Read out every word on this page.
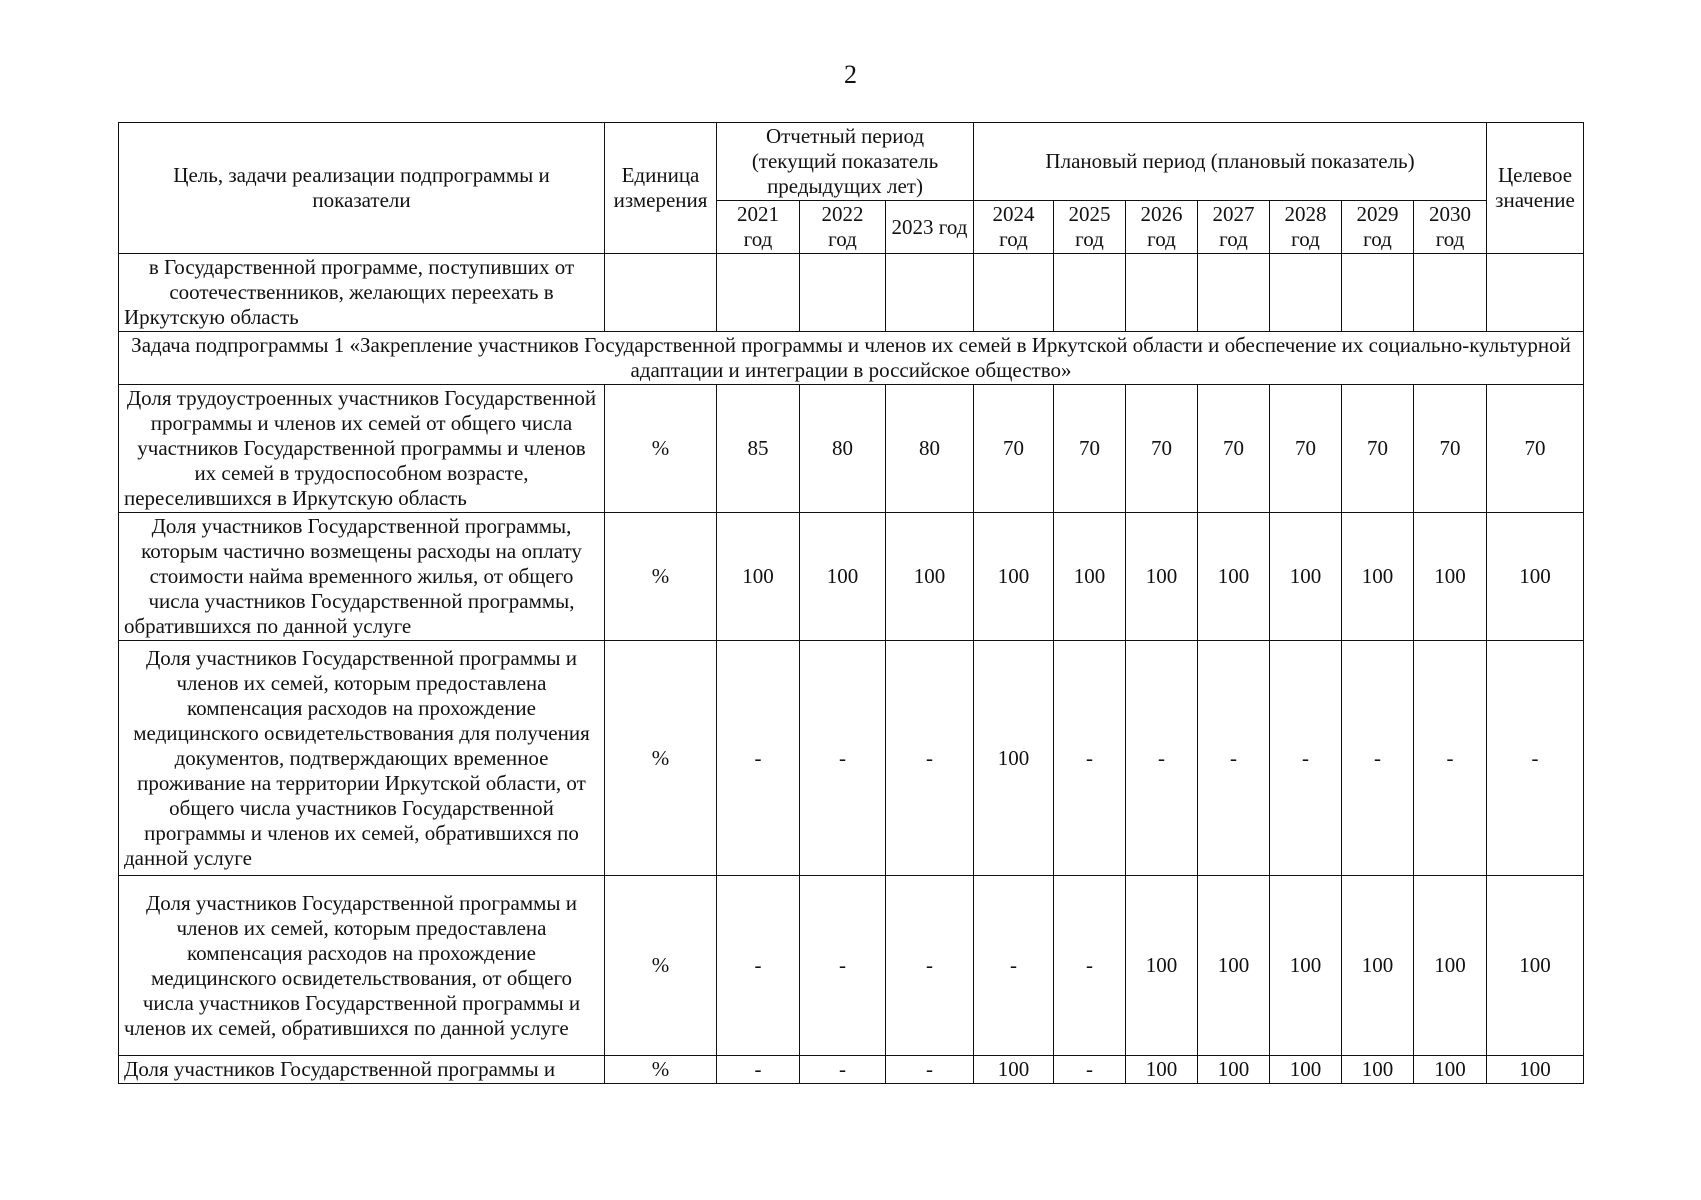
2
Цель, задачи реализации подпрограммы и показатели	Единица измерения	Отчетный период (текущий показатель предыдущих лет)			Плановый период (плановый показатель)							Целевое значение
		2021 год	2022 год	2023 год	2024 год	2025 год	2026 год	2027 год	2028 год	2029 год	2030 год	
в Государственной программе, поступивших от соотечественников, желающих переехать в Иркутскую область												
Задача подпрограммы 1 «Закрепление участников Государственной программы и членов их семей в Иркутской области и обеспечение их социально-культурной адаптации и интеграции в российское общество»												
Доля трудоустроенных участников Государственной программы и членов их семей от общего числа участников Государственной программы и членов их семей в трудоспособном возрасте, переселившихся в Иркутскую область	%	85	80	80	70	70	70	70	70	70	70	70
Доля участников Государственной программы, которым частично возмещены расходы на оплату стоимости найма временного жилья, от общего числа участников Государственной программы, обратившихся по данной услуге	%	100	100	100	100	100	100	100	100	100	100	100
Доля участников Государственной программы и членов их семей, которым предоставлена компенсация расходов на прохождение медицинского освидетельствования для получения документов, подтверждающих временное проживание на территории Иркутской области, от общего числа участников Государственной программы и членов их семей, обратившихся по данной услуге	%	-	-	-	100	-	-	-	-	-	-	-
Доля участников Государственной программы и членов их семей, которым предоставлена компенсация расходов на прохождение медицинского освидетельствования, от общего числа участников Государственной программы и членов их семей, обратившихся по данной услуге	%	-	-	-	-	-	100	100	100	100	100	100
Доля участников Государственной программы и	%	-	-	-	100	-	100	100	100	100	100	100
